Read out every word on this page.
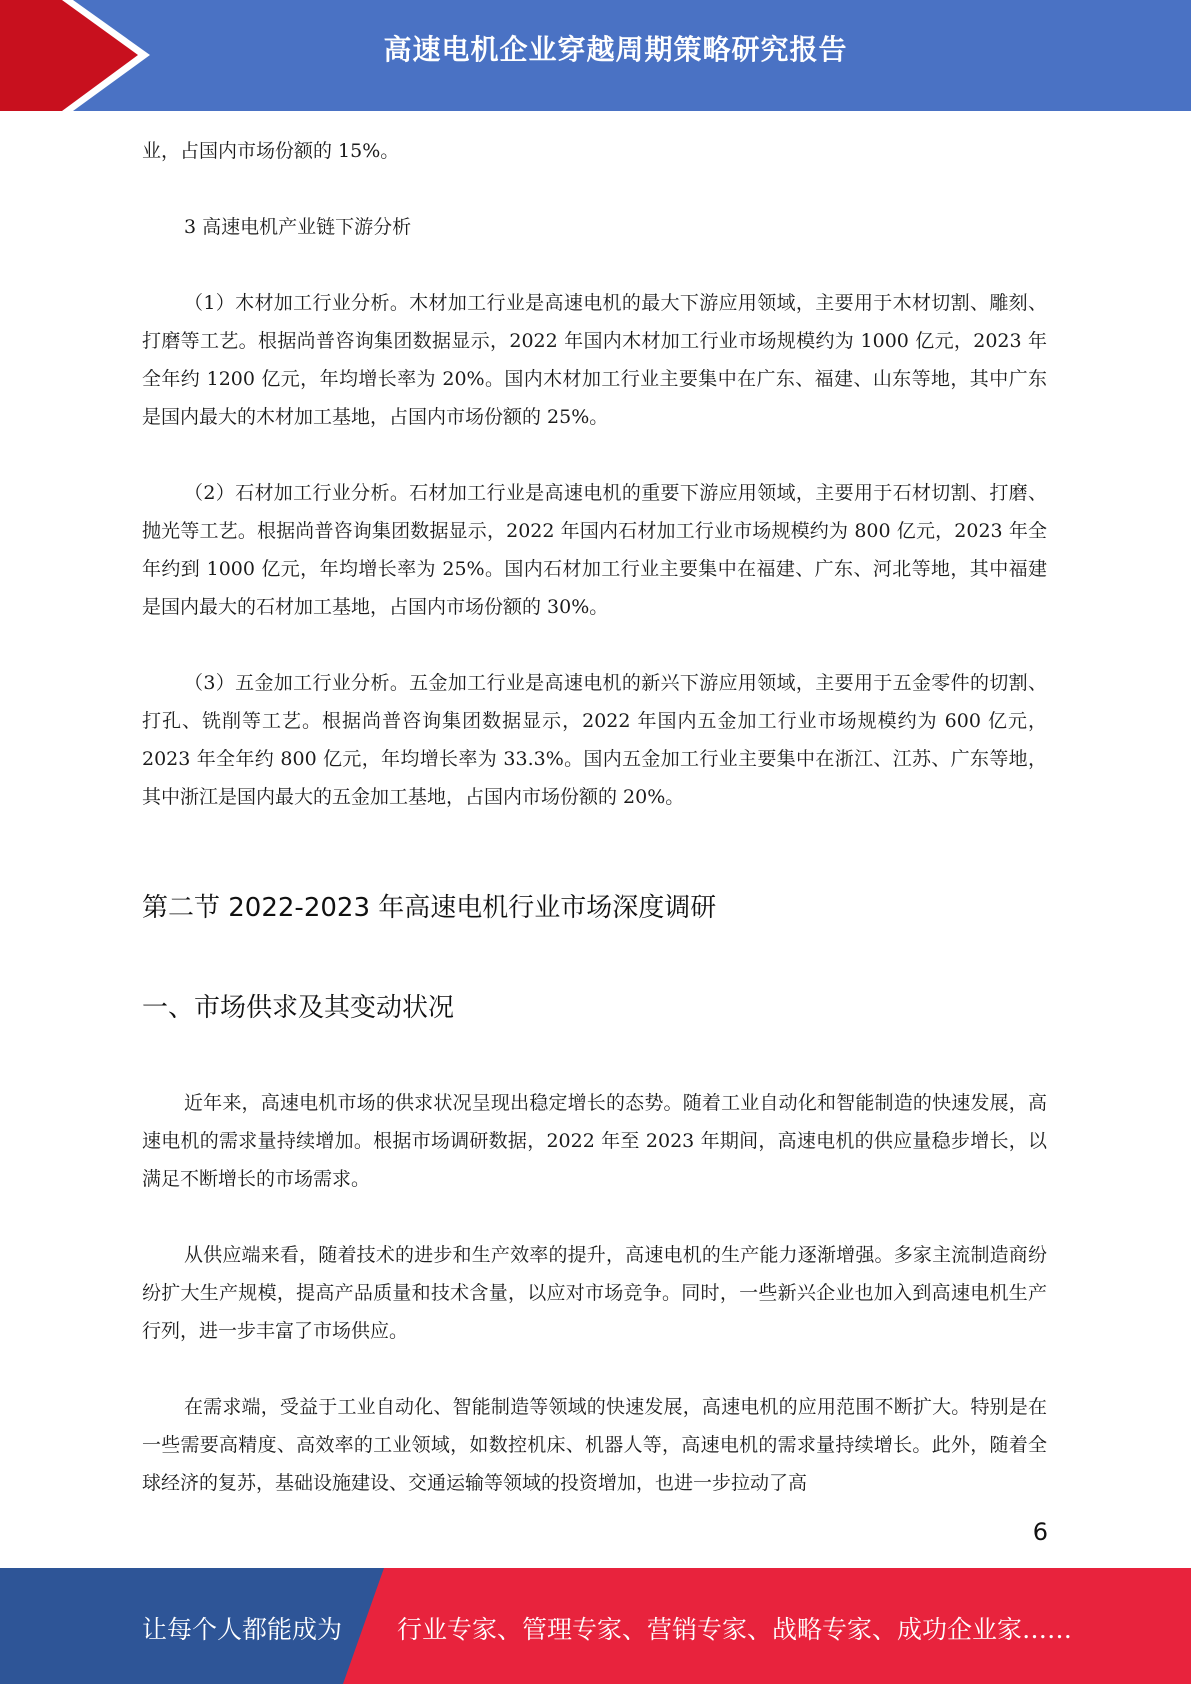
高速电机企业穿越周期策略研究报告

业，占国内市场份额的 15%。

3 高速电机产业链下游分析

（1）木材加工行业分析。木材加工行业是高速电机的最大下游应用领域，主要用于木材切割、雕刻、打磨等工艺。根据尚普咨询集团数据显示，2022 年国内木材加工行业市场规模约为 1000 亿元，2023 年全年约 1200 亿元，年均增长率为 20%。国内木材加工行业主要集中在广东、福建、山东等地，其中广东是国内最大的木材加工基地，占国内市场份额的 25%。

（2）石材加工行业分析。石材加工行业是高速电机的重要下游应用领域，主要用于石材切割、打磨、抛光等工艺。根据尚普咨询集团数据显示，2022 年国内石材加工行业市场规模约为 800 亿元，2023 年全年约到 1000 亿元，年均增长率为 25%。国内石材加工行业主要集中在福建、广东、河北等地，其中福建是国内最大的石材加工基地，占国内市场份额的 30%。

（3）五金加工行业分析。五金加工行业是高速电机的新兴下游应用领域，主要用于五金零件的切割、打孔、铣削等工艺。根据尚普咨询集团数据显示，2022 年国内五金加工行业市场规模约为 600 亿元，2023 年全年约 800 亿元，年均增长率为 33.3%。国内五金加工行业主要集中在浙江、江苏、广东等地，其中浙江是国内最大的五金加工基地，占国内市场份额的 20%。

第二节 2022-2023 年高速电机行业市场深度调研
一、市场供求及其变动状况

近年来，高速电机市场的供求状况呈现出稳定增长的态势。随着工业自动化和智能制造的快速发展，高速电机的需求量持续增加。根据市场调研数据，2022 年至 2023 年期间，高速电机的供应量稳步增长，以满足不断增长的市场需求。

从供应端来看，随着技术的进步和生产效率的提升，高速电机的生产能力逐渐增强。多家主流制造商纷纷扩大生产规模，提高产品质量和技术含量，以应对市场竞争。同时，一些新兴企业也加入到高速电机生产行列，进一步丰富了市场供应。

在需求端，受益于工业自动化、智能制造等领域的快速发展，高速电机的应用范围不断扩大。特别是在一些需要高精度、高效率的工业领域，如数控机床、机器人等，高速电机的需求量持续增长。此外，随着全球经济的复苏，基础设施建设、交通运输等领域的投资增加，也进一步拉动了高

6
让每个人都能成为 行业专家、管理专家、营销专家、战略专家、成功企业家……
